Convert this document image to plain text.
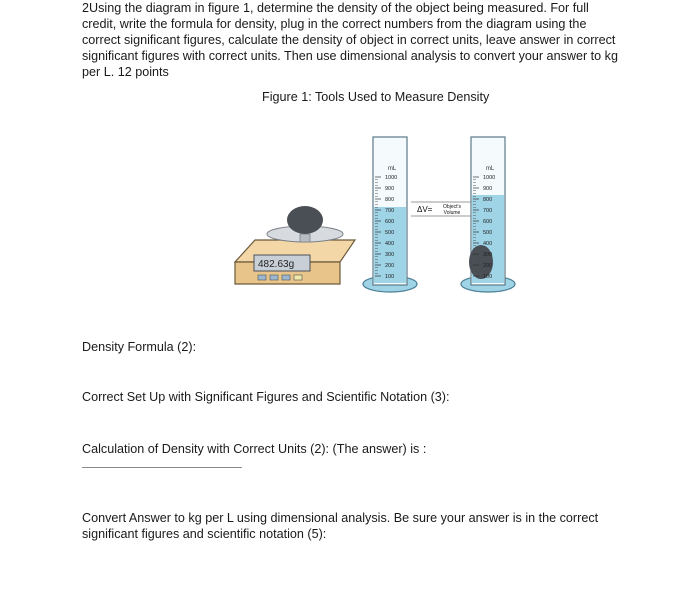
2Using the diagram in figure 1, determine the density of the object being measured. For full credit, write the formula for density, plug in the correct numbers from the diagram using the correct significant figures, calculate the density of object in correct units, leave answer in correct significant figures with correct units. Then use dimensional analysis to convert your answer to kg per L. 12 points

Figure 1: Tools Used to Measure Density
482.63g
mL
1000
900
800
700
600
500
400
300
200
100
ΔV= Object's
Volume
mL
1000
900
800
700
600
500
400
300
200
100
Density Formula (2):
Correct Set Up with Significant Figures and Scientific Notation (3):
Calculation of Density with Correct Units (2): (The answer) is :
Convert Answer to kg per L using dimensional analysis. Be sure your answer is in the correct significant figures and scientific notation (5):
